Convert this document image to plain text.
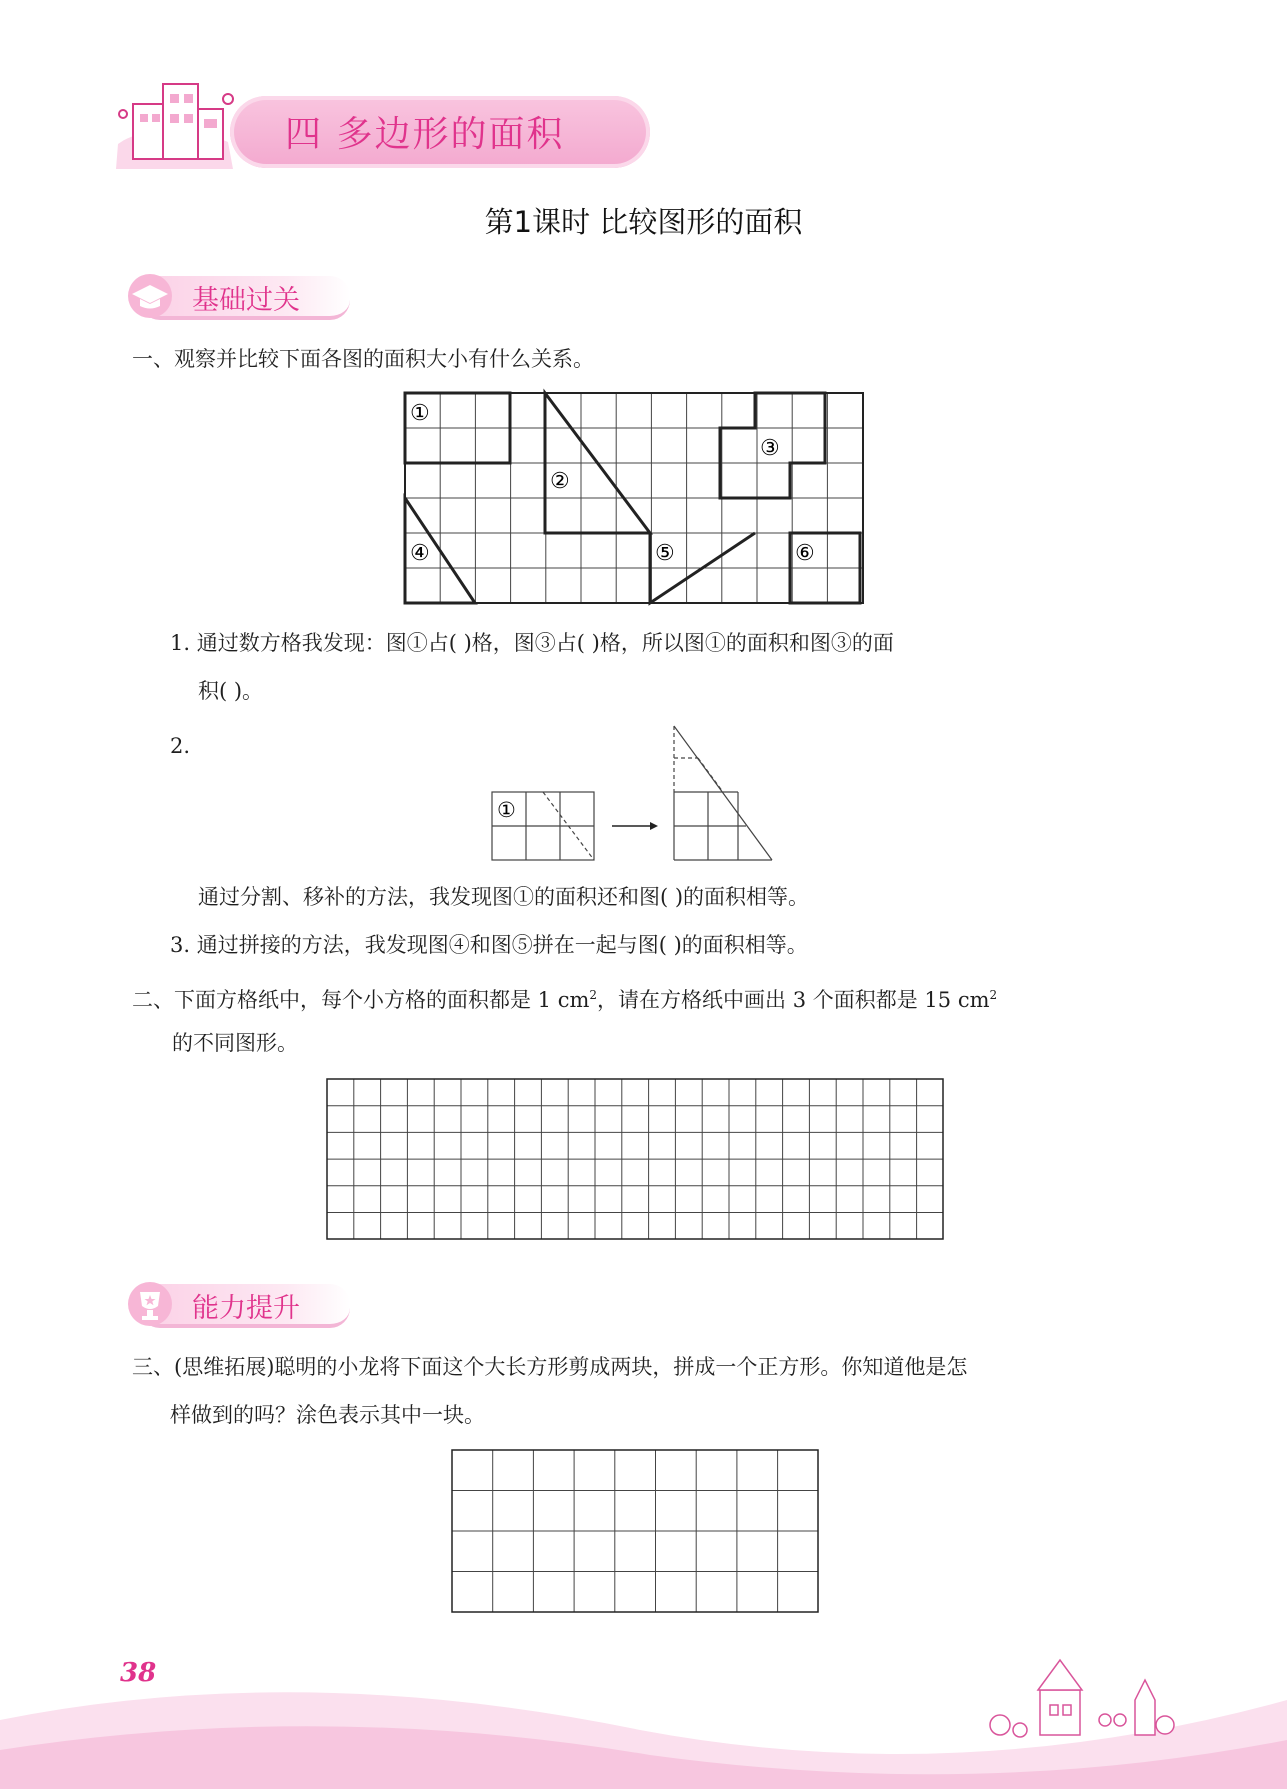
四 多边形的面积
第1课时 比较图形的面积
基础过关
一、观察并比较下面各图的面积大小有什么关系。
①
②
③
④	⑤	⑥
1. 通过数方格我发现：图①占( )格，图③占( )格，所以图①的面积和图③的面
积( )。
2.
①
通过分割、移补的方法，我发现图①的面积还和图( )的面积相等。
3. 通过拼接的方法，我发现图④和图⑤拼在一起与图( )的面积相等。
二、下面方格纸中，每个小方格的面积都是 1 $cm^2$，请在方格纸中画出 3 个面积都是 15 $cm^2$
的不同图形。
能力提升
三、(思维拓展)聪明的小龙将下面这个大长方形剪成两块，拼成一个正方形。你知道他是怎
样做到的吗？涂色表示其中一块。
38
